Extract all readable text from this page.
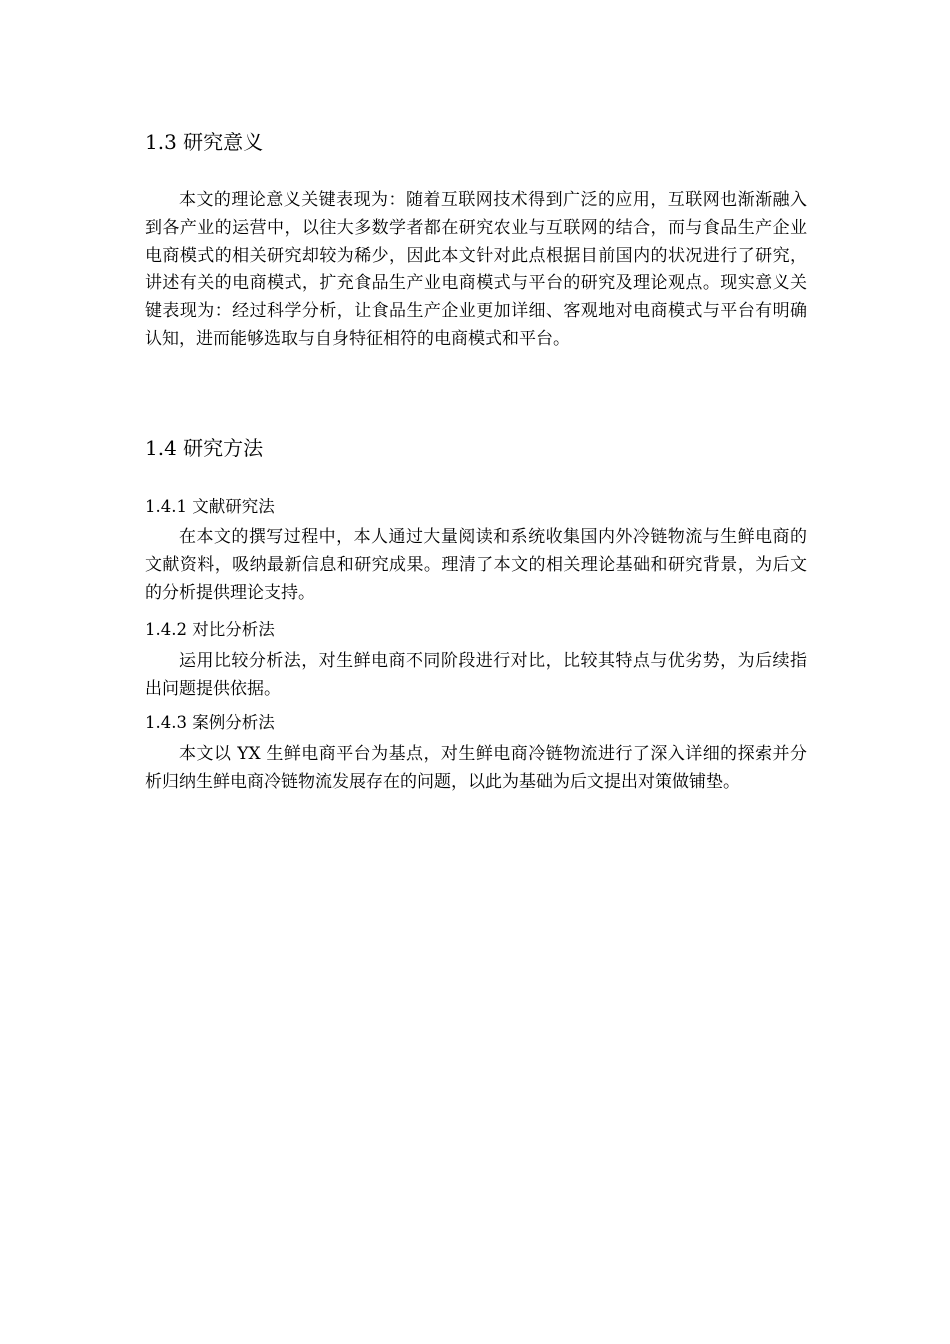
1.3 研究意义

本文的理论意义关键表现为：随着互联网技术得到广泛的应用，互联网也渐渐融入到各产业的运营中，以往大多数学者都在研究农业与互联网的结合，而与食品生产企业电商模式的相关研究却较为稀少，因此本文针对此点根据目前国内的状况进行了研究，讲述有关的电商模式，扩充食品生产业电商模式与平台的研究及理论观点。现实意义关键表现为：经过科学分析，让食品生产企业更加详细、客观地对电商模式与平台有明确认知，进而能够选取与自身特征相符的电商模式和平台。

1.4 研究方法
1.4.1 文献研究法

在本文的撰写过程中，本人通过大量阅读和系统收集国内外冷链物流与生鲜电商的文献资料，吸纳最新信息和研究成果。理清了本文的相关理论基础和研究背景，为后文的分析提供理论支持。

1.4.2 对比分析法

运用比较分析法，对生鲜电商不同阶段进行对比，比较其特点与优劣势，为后续指出问题提供依据。

1.4.3 案例分析法

本文以 YX 生鲜电商平台为基点，对生鲜电商冷链物流进行了深入详细的探索并分析归纳生鲜电商冷链物流发展存在的问题，以此为基础为后文提出对策做铺垫。
